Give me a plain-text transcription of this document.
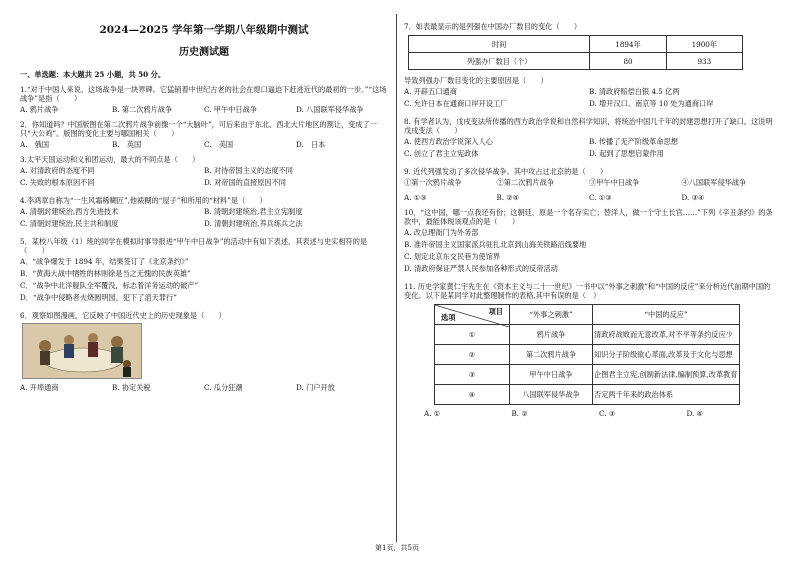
2024—2025 学年第一学期八年级期中测试
历史测试题
一、单选题：本大题共 25 小题，共 50 分。
1.“对于中国人来说，这场战争是一块界碑。它猛销着中世纪古老的社会在熄口逼迫下赶进近代的最初的一步。”“这场战争”是指（　　）
A. 鸦片战争	B. 第二次鸦片战争	C. 甲午中日战争	D. 八国联军侵华战争
2．你知道吗？中国版图在第二次鸦片战争前像一个“大脑叶”，可后来由于东北、西北大片地区的割让，变成了一只“大公鸡”。版图的变化主要与哪国相关（　　）
A.　俄国	B.　英国	C.　美国	D.　日本
3.太平天国运动和义和团运动，最大的不同点是（　　）
A. 对清政府的态度不同	B. 对待帝国主义的态度不同
C. 失败的根本原因不同	D. 对帝国的直接原因不同
4.李鸿章自称为“一生风霜稀糊匠”,他裱糊的“屋子”和所用的“材料”是（　　）
A. 清朝封建统治,西方先进技术	B. 清朝封建统治,君主立宪制度
C. 清朝封建统治,民主共和制度	D. 清朝封建统治,养兵练兵之法
5．某校八年级（1）班的同学在模拟时事导报进“甲午中日战争”的活动中有如下表述，其表述与史实相符的是（　　）
A．“战争爆发于 1894 年，结果签订了《北京条约》”
B．“黄海大战中牺牲的林则徐是当之无愧的民族英雄”
C．“战争中北洋舰队全军覆没，标志着洋务运动的破产”
D．“战争中侵略者火烧圆明园，犯下了滔天罪行”
6．观察如图漫画，它反映了中国近代史上的历史现象是（　　）
A. 开埠通商	B. 协定关税	C. 瓜分狂潮	D. 门户开放
7．如表最显示的是列强在中国办厂数目的变化（　　）
时间	1894年	1900年
列强办厂数目（个）	80	933
导致列强办厂数目变化的主要原因是（　　）
A. 开辟五口通商	B. 清政府赔偿白银 4.5 亿两
C. 允许日本在通商口岸开设工厂	D. 增开汉口、南京等 10 处为通商口岸
8. 有学者认为，戊戌变法所传播的西方政治学说和自然科学知识，将统治中国几千年的封建思想打开了缺口。这说明戊戌变法（　　）
A. 使西方政治学说深入人心	B. 传播了无产阶级革命思想
C. 创立了君主立宪政体	D. 起到了思想启蒙作用
9. 近代列强发动了多次侵华战争。其中攻占过北京的是（　　）
①第一次鸦片战争	②第二次鸦片战争	③甲午中日战争	④八国联军侵华战争
A. ①③	B. ②④	C. ①③	D. ③④
10．“这中国，哪一点我还有份；这朝廷，原是一个名存实亡；替洋人，做一个守土长官……”下列《辛丑条约》的条款中，最能体现该观点的是（　　）
A. 改总理衙门为外务部
B. 准许帝国主义国家派兵驻扎北京到山海关铁路沿线要地
C. 划定北京东交民巷为使馆界
D. 清政府保证严禁人民参加各种形式的反帝活动
11. 历史学家黄仁宇先生在《资本主义与二十一世纪》一书中以“外事之刺激”和“中国的反应”来分析近代前期中国的变化。以下是某同学对此整理制作的表格,其中有误的是（　）
项目
选项	“外事之刺激”	“中国的反应”
①	鸦片战争	清政府战败而无意改革,对不平等条约反应少
②	第二次鸦片战争	知识分子阶级欲心革面,改革及于文化与思想
③	甲午中日战争	企图君主立宪,创制新法律,编制预算,改革教育
④	八国联军侵华战争	否定两千年来的政治体系
A. ①	B. ②	C. ③	D. ④
第1页，共5页
